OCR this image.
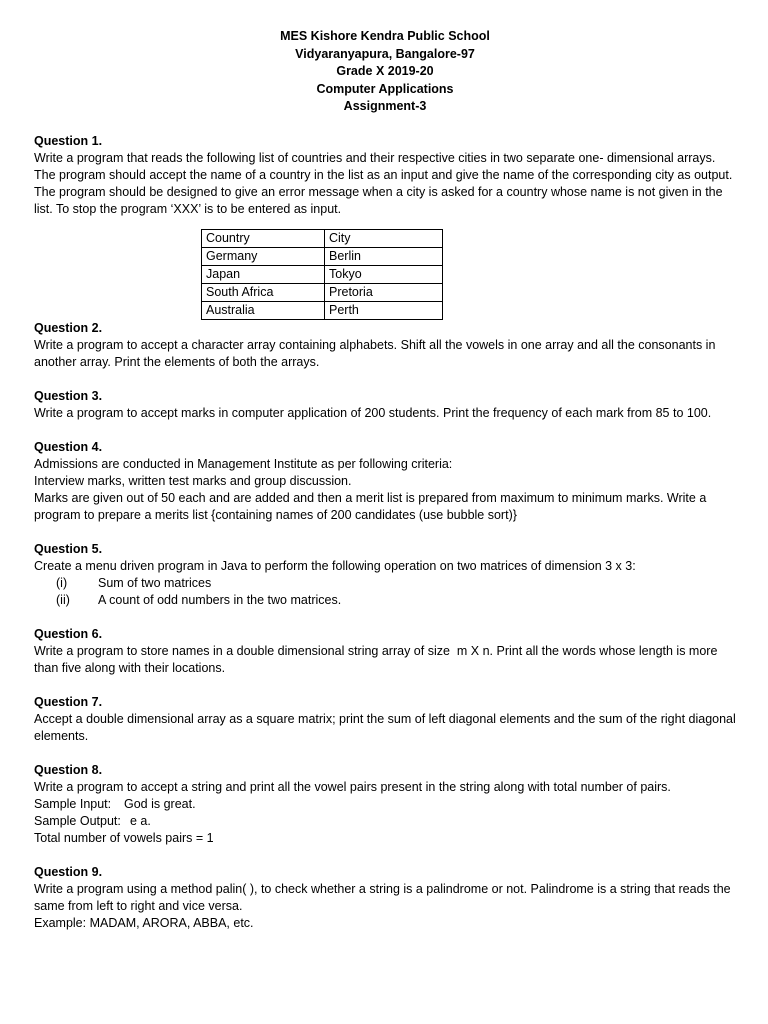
MES Kishore Kendra Public School
Vidyaranyapura, Bangalore-97
Grade X 2019-20
Computer Applications
Assignment-3
Question 1.
Write a program that reads the following list of countries and their respective cities in two separate one- dimensional arrays. The program should accept the name of a country in the list as an input and give the name of the corresponding city as output. The program should be designed to give an error message when a city is asked for a country whose name is not given in the list. To stop the program ‘XXX’ is to be entered as input.
Country	City
Germany	Berlin
Japan	Tokyo
South Africa	Pretoria
Australia	Perth
Question 2.
Write a program to accept a character array containing alphabets. Shift all the vowels in one array and all the consonants in another array. Print the elements of both the arrays.
Question 3.
Write a program to accept marks in computer application of 200 students. Print the frequency of each mark from 85 to 100.
Question 4.
Admissions are conducted in Management Institute as per following criteria:
Interview marks, written test marks and group discussion.
Marks are given out of 50 each and are added and then a merit list is prepared from maximum to minimum marks. Write a program to prepare a merits list {containing names of 200 candidates (use bubble sort)}
Question 5.
Create a menu driven program in Java to perform the following operation on two matrices of dimension 3 x 3:
(i)	Sum of two matrices
(ii)	A count of odd numbers in the two matrices.
Question 6.
Write a program to store names in a double dimensional string array of size  m X n. Print all the words whose length is more than five along with their locations.
Question 7.
Accept a double dimensional array as a square matrix; print the sum of left diagonal elements and the sum of the right diagonal elements.
Question 8.
Write a program to accept a string and print all the vowel pairs present in the string along with total number of pairs.
Sample Input: God is great.
Sample Output: e a.
Total number of vowels pairs = 1
Question 9.
Write a program using a method palin( ), to check whether a string is a palindrome or not. Palindrome is a string that reads the same from left to right and vice versa.
Example: MADAM, ARORA, ABBA, etc.
